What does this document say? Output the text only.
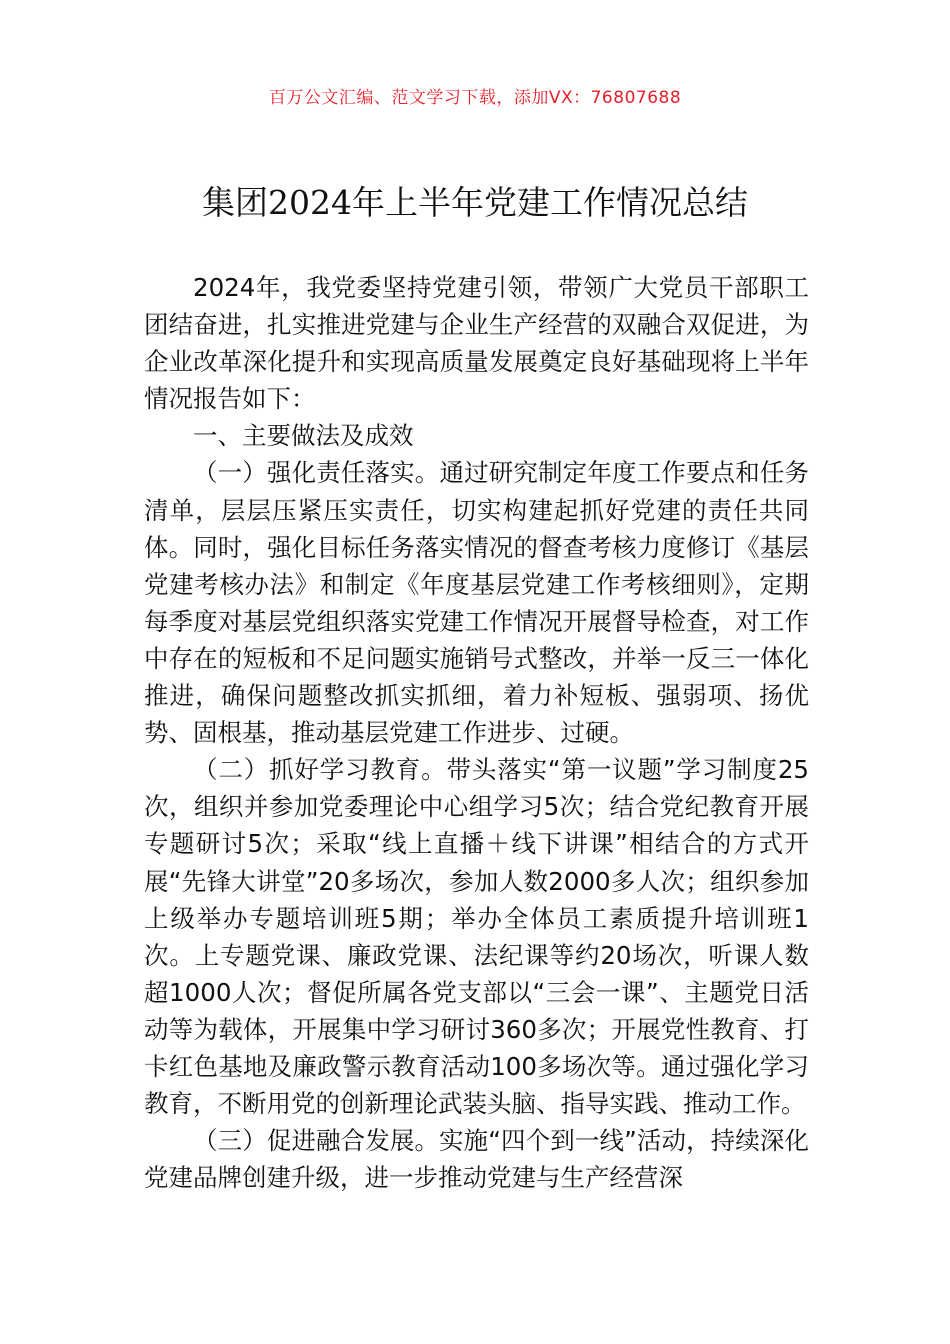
百万公文汇编、范文学习下载，添加VX：76807688
集团2024年上半年党建工作情况总结

2024年，我党委坚持党建引领，带领广大党员干部职工团结奋进，扎实推进党建与企业生产经营的双融合双促进，为企业改革深化提升和实现高质量发展奠定良好基础现将上半年情况报告如下：

一、主要做法及成效

（一）强化责任落实。通过研究制定年度工作要点和任务清单，层层压紧压实责任，切实构建起抓好党建的责任共同体。同时，强化目标任务落实情况的督查考核力度修订《基层党建考核办法》和制定《年度基层党建工作考核细则》，定期每季度对基层党组织落实党建工作情况开展督导检查，对工作中存在的短板和不足问题实施销号式整改，并举一反三一体化推进，确保问题整改抓实抓细，着力补短板、强弱项、扬优势、固根基，推动基层党建工作进步、过硬。

（二）抓好学习教育。带头落实“第一议题”学习制度25次，组织并参加党委理论中心组学习5次；结合党纪教育开展专题研讨5次；采取“线上直播＋线下讲课”相结合的方式开展“先锋大讲堂”20多场次，参加人数2000多人次；组织参加上级举办专题培训班5期；举办全体员工素质提升培训班1次。上专题党课、廉政党课、法纪课等约20场次，听课人数超1000人次；督促所属各党支部以“三会一课”、主题党日活动等为载体，开展集中学习研讨360多次；开展党性教育、打卡红色基地及廉政警示教育活动100多场次等。通过强化学习教育，不断用党的创新理论武装头脑、指导实践、推动工作。

（三）促进融合发展。实施“四个到一线”活动，持续深化党建品牌创建升级，进一步推动党建与生产经营深
